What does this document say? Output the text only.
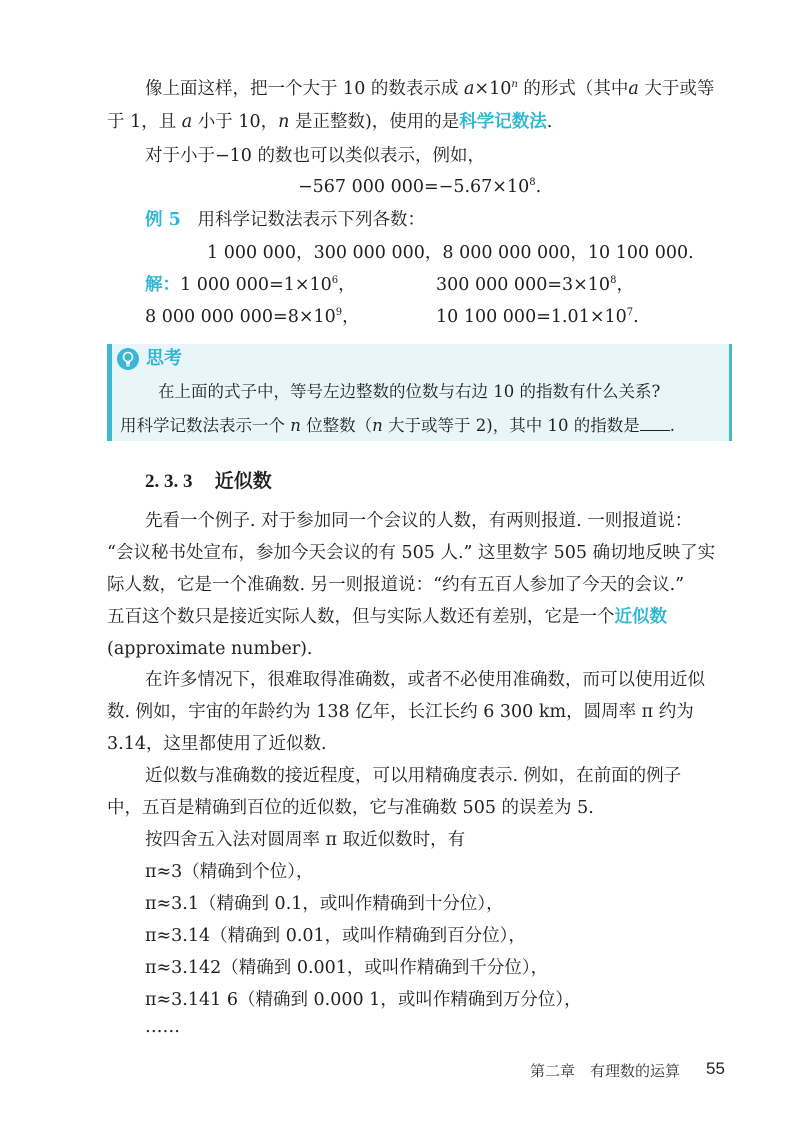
像上面这样，把一个大于 10 的数表示成 $a\times 10^n$ 的形式（其中a 大于或等
于 1，且 a 小于 10，n 是正整数)，使用的是科学记数法.
对于小于−10 的数也可以类似表示，例如，
−567 000 $000=-5.67\times 10^8$.
例 5 用科学记数法表示下列各数：
1 000 000，300 000 000，8 000 000 000，10 100 000.
解：1 000 $000=1\times 10^6$，	300 000 $000=3\times 10^8$，
8 000 000 $000=8\times 10^9$，	10 100 $000=1.01\times 10^7$.
思考
在上面的式子中，等号左边整数的位数与右边 10 的指数有什么关系?
用科学记数法表示一个 n 位整数（n 大于或等于 2)，其中 10 的指数是 .
2. 3. 3 近似数
先看一个例子. 对于参加同一个会议的人数，有两则报道. 一则报道说：
“会议秘书处宣布，参加今天会议的有 505 人.” 这里数字 505 确切地反映了实
际人数，它是一个准确数. 另一则报道说：“约有五百人参加了今天的会议.”
五百这个数只是接近实际人数，但与实际人数还有差别，它是一个近似数
(approximate number).
在许多情况下，很难取得准确数，或者不必使用准确数，而可以使用近似
数. 例如，宇宙的年龄约为 138 亿年，长江长约 6 300 km，圆周率 π 约为
3.14，这里都使用了近似数.
近似数与准确数的接近程度，可以用精确度表示. 例如，在前面的例子
中，五百是精确到百位的近似数，它与准确数 505 的误差为 5.
按四舍五入法对圆周率 π 取近似数时，有
π≈3（精确到个位），
π≈3.1（精确到 0.1，或叫作精确到十分位），
π≈3.14（精确到 0.01，或叫作精确到百分位），
π≈3.142（精确到 0.001，或叫作精确到千分位），
π≈3.141 6（精确到 0.000 1，或叫作精确到万分位），
……
第二章　有理数的运算 55
